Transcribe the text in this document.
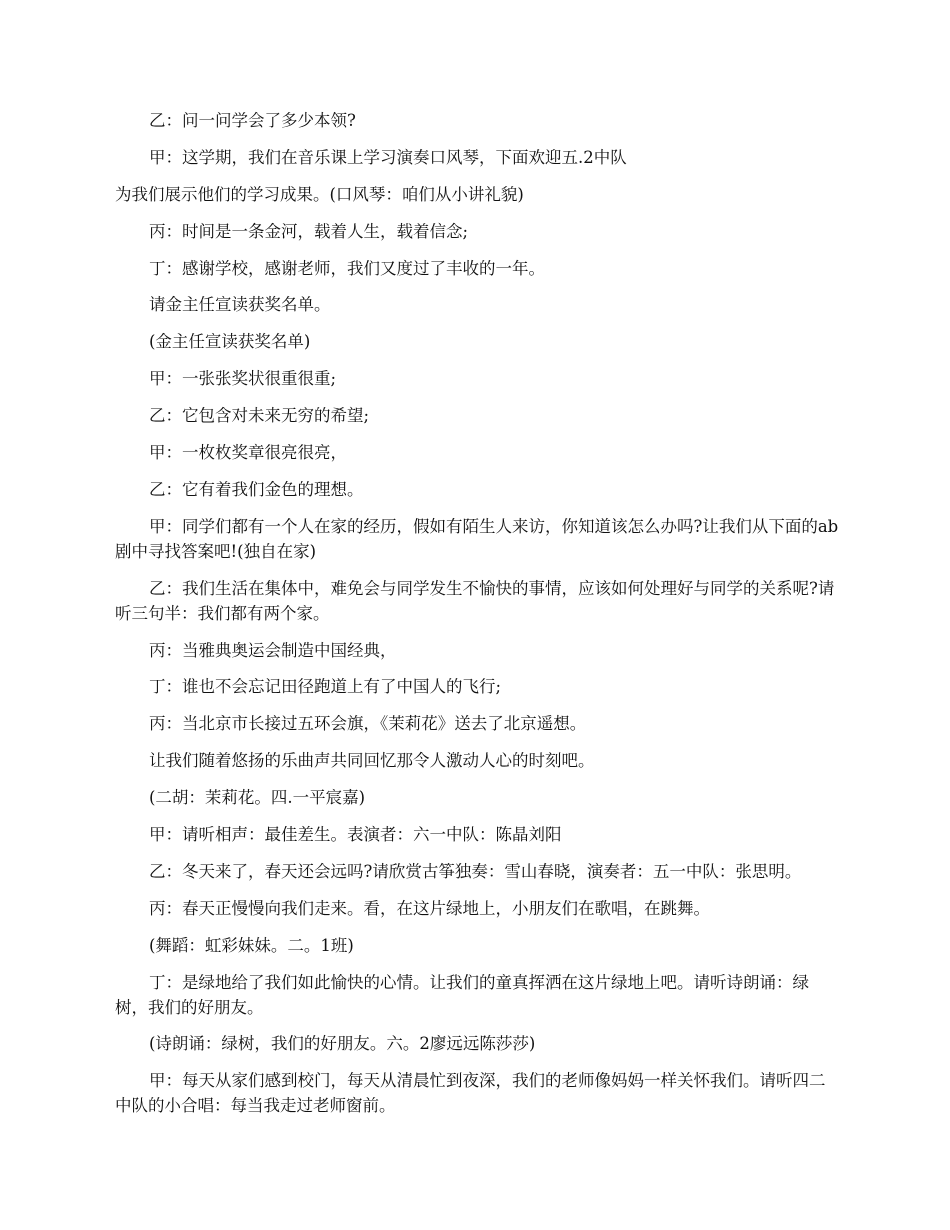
乙：问一问学会了多少本领?

甲：这学期，我们在音乐课上学习演奏口风琴，下面欢迎五.2中队

为我们展示他们的学习成果。(口风琴：咱们从小讲礼貌)

丙：时间是一条金河，载着人生，载着信念;

丁：感谢学校，感谢老师，我们又度过了丰收的一年。

请金主任宣读获奖名单。

(金主任宣读获奖名单)

甲：一张张奖状很重很重;

乙：它包含对未来无穷的希望;

甲：一枚枚奖章很亮很亮，

乙：它有着我们金色的理想。

甲：同学们都有一个人在家的经历，假如有陌生人来访，你知道该怎么办吗?让我们从下面的ab剧中寻找答案吧!(独自在家)

乙：我们生活在集体中，难免会与同学发生不愉快的事情，应该如何处理好与同学的关系呢?请听三句半：我们都有两个家。

丙：当雅典奥运会制造中国经典，

丁：谁也不会忘记田径跑道上有了中国人的飞行;

丙：当北京市长接过五环会旗，《茉莉花》送去了北京遥想。

让我们随着悠扬的乐曲声共同回忆那令人激动人心的时刻吧。

(二胡：茉莉花。四.一平宸嘉)

甲：请听相声：最佳差生。表演者：六一中队：陈晶刘阳

乙：冬天来了，春天还会远吗?请欣赏古筝独奏：雪山春晓，演奏者：五一中队：张思明。

丙：春天正慢慢向我们走来。看，在这片绿地上，小朋友们在歌唱，在跳舞。

(舞蹈：虹彩妹妹。二。1班)

丁：是绿地给了我们如此愉快的心情。让我们的童真挥洒在这片绿地上吧。请听诗朗诵：绿树，我们的好朋友。

(诗朗诵：绿树，我们的好朋友。六。2廖远远陈莎莎)

甲：每天从家们感到校门，每天从清晨忙到夜深，我们的老师像妈妈一样关怀我们。请听四二中队的小合唱：每当我走过老师窗前。
